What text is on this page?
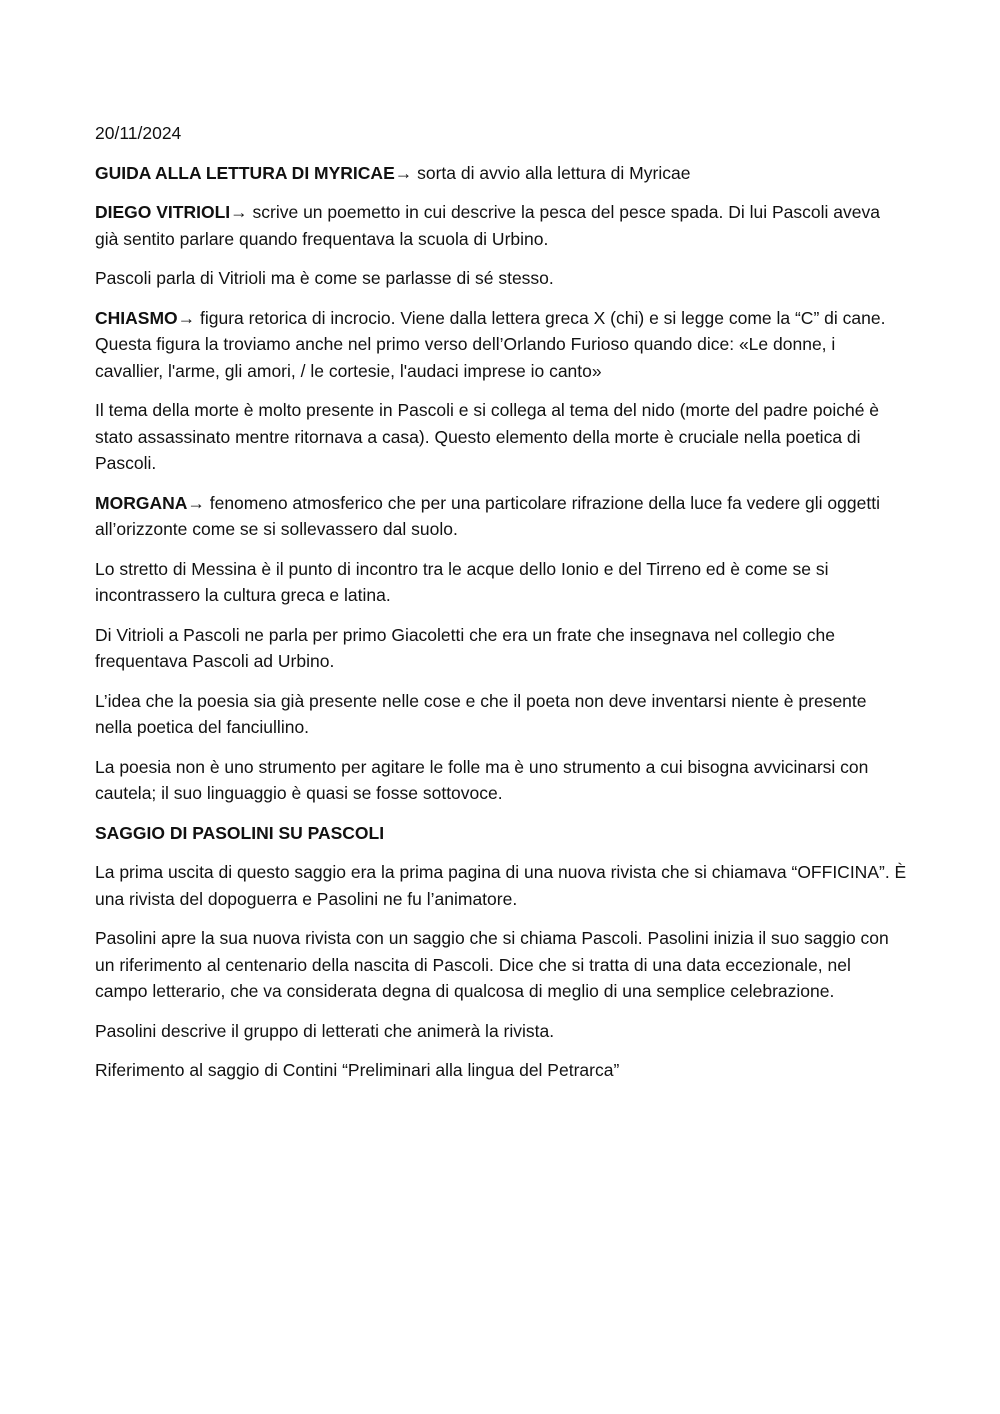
20/11/2024

GUIDA ALLA LETTURA DI MYRICAE→ sorta di avvio alla lettura di Myricae

DIEGO VITRIOLI→ scrive un poemetto in cui descrive la pesca del pesce spada. Di lui Pascoli aveva già sentito parlare quando frequentava la scuola di Urbino.

Pascoli parla di Vitrioli ma è come se parlasse di sé stesso.

CHIASMO→ figura retorica di incrocio. Viene dalla lettera greca X (chi) e si legge come la “C” di cane. Questa figura la troviamo anche nel primo verso dell’Orlando Furioso quando dice: «Le donne, i cavallier, l'arme, gli amori, / le cortesie, l'audaci imprese io canto»

Il tema della morte è molto presente in Pascoli e si collega al tema del nido (morte del padre poiché è stato assassinato mentre ritornava a casa). Questo elemento della morte è cruciale nella poetica di Pascoli.

MORGANA→ fenomeno atmosferico che per una particolare rifrazione della luce fa vedere gli oggetti all’orizzonte come se si sollevassero dal suolo.

Lo stretto di Messina è il punto di incontro tra le acque dello Ionio e del Tirreno ed è come se si incontrassero la cultura greca e latina.

Di Vitrioli a Pascoli ne parla per primo Giacoletti che era un frate che insegnava nel collegio che frequentava Pascoli ad Urbino.

L’idea che la poesia sia già presente nelle cose e che il poeta non deve inventarsi niente è presente nella poetica del fanciullino.

La poesia non è uno strumento per agitare le folle ma è uno strumento a cui bisogna avvicinarsi con cautela; il suo linguaggio è quasi se fosse sottovoce.

SAGGIO DI PASOLINI SU PASCOLI

La prima uscita di questo saggio era la prima pagina di una nuova rivista che si chiamava “OFFICINA”. È una rivista del dopoguerra e Pasolini ne fu l’animatore.

Pasolini apre la sua nuova rivista con un saggio che si chiama Pascoli. Pasolini inizia il suo saggio con un riferimento al centenario della nascita di Pascoli. Dice che si tratta di una data eccezionale, nel campo letterario, che va considerata degna di qualcosa di meglio di una semplice celebrazione.

Pasolini descrive il gruppo di letterati che animerà la rivista.

Riferimento al saggio di Contini “Preliminari alla lingua del Petrarca”
